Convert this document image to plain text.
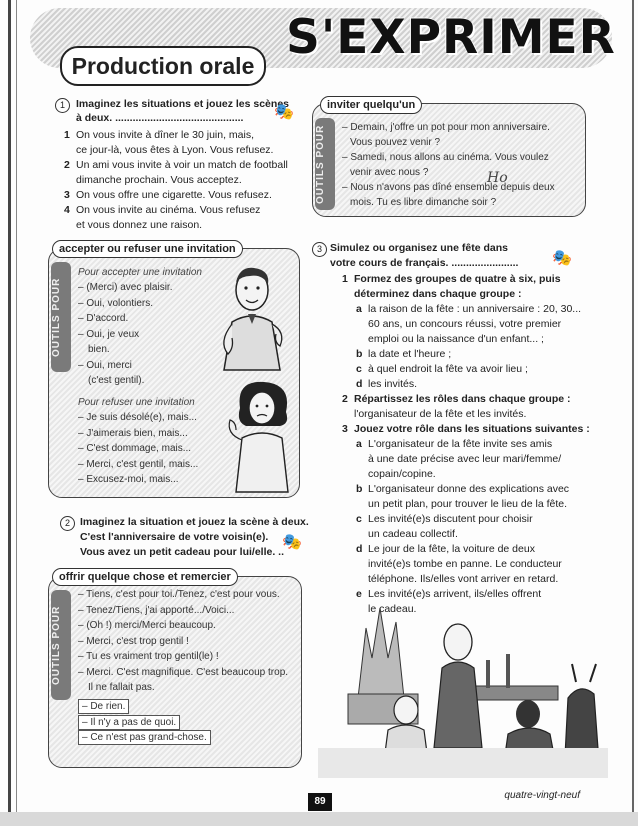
S'EXPRIMER
Production orale
1	Imaginez les situations et jouez les scènes
à deux. ............................................ 🎭
1 On vous invite à dîner le 30 juin, mais,
ce jour-là, vous êtes à Lyon. Vous refusez.
2 Un ami vous invite à voir un match de football
dimanche prochain. Vous acceptez.
3 On vous offre une cigarette. Vous refusez.
4 On vous invite au cinéma. Vous refusez
et vous donnez une raison.
OUTILS POUR
inviter quelqu'un
– Demain, j'offre un pot pour mon anniversaire.
Vous pouvez venir ?
– Samedi, nous allons au cinéma. Vous voulez
venir avec nous ?
– Nous n'avons pas dîné ensemble depuis deux
mois. Tu es libre dimanche soir ?
Ho
OUTILS POUR
accepter ou refuser une invitation
Pour accepter une invitation
– (Merci) avec plaisir.
– Oui, volontiers.
– D'accord.
– Oui, je veux
bien.
– Oui, merci
(c'est gentil).
Pour refuser une invitation
– Je suis désolé(e), mais...
– J'aimerais bien, mais...
– C'est dommage, mais...
– Merci, c'est gentil, mais...
– Excusez-moi, mais...
2 Imaginez la situation et jouez la scène à deux.
C'est l'anniversaire de votre voisin(e).
Vous avez un petit cadeau pour lui/elle. ..
🎭
OUTILS POUR
offrir quelque chose et remercier
– Tiens, c'est pour toi./Tenez, c'est pour vous.
– Tenez/Tiens, j'ai apporté.../Voici...
– (Oh !) merci/Merci beaucoup.
– Merci, c'est trop gentil !
– Tu es vraiment trop gentil(le) !
– Merci. C'est magnifique. C'est beaucoup trop.
Il ne fallait pas.
– De rien.
– Il n'y a pas de quoi.
– Ce n'est pas grand-chose.
3 Simulez ou organisez une fête dans
votre cours de français. ....................... 🎭
1 Formez des groupes de quatre à six, puis
déterminez dans chaque groupe :
a la raison de la fête : un anniversaire : 20, 30...
60 ans, un concours réussi, votre premier
emploi ou la naissance d'un enfant... ;
b la date et l'heure ;
c à quel endroit la fête va avoir lieu ;
d les invités.
2 Répartissez les rôles dans chaque groupe :
l'organisateur de la fête et les invités.
3 Jouez votre rôle dans les situations suivantes :
a L'organisateur de la fête invite ses amis
à une date précise avec leur mari/femme/
copain/copine.
b L'organisateur donne des explications avec
un petit plan, pour trouver le lieu de la fête.
c Les invité(e)s discutent pour choisir
un cadeau collectif.
d Le jour de la fête, la voiture de deux
invité(e)s tombe en panne. Le conducteur
téléphone. Ils/elles vont arriver en retard.
e Les invité(e)s arrivent, ils/elles offrent
le cadeau.
89
quatre-vingt-neuf
